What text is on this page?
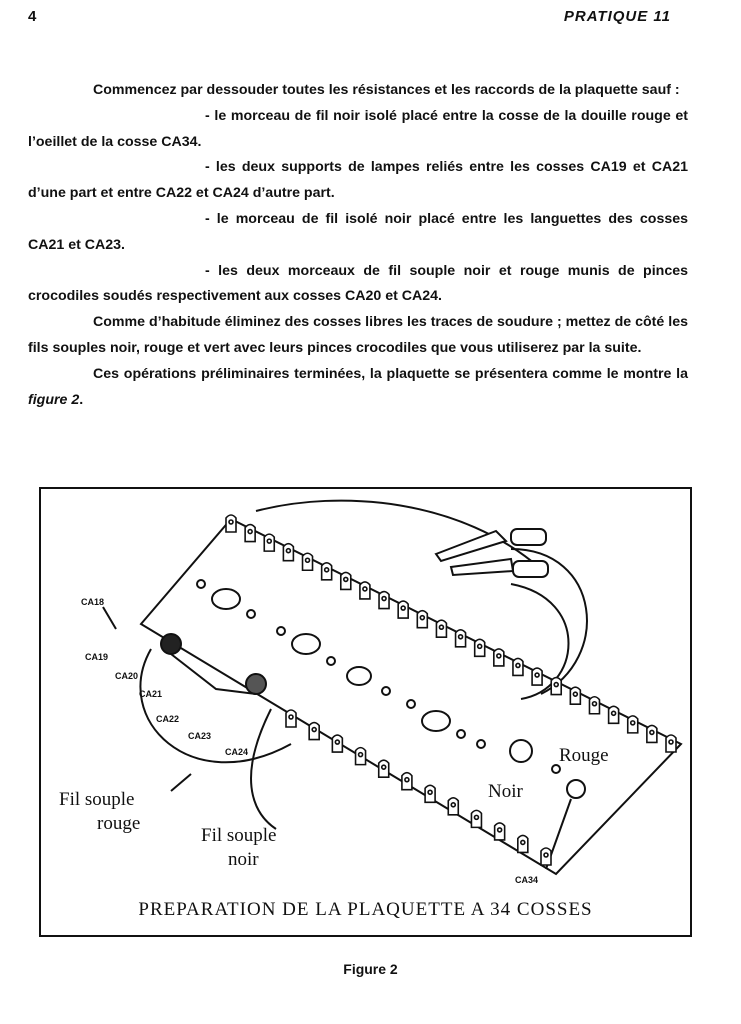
4	PRATIQUE 11

Commencez par dessouder toutes les résistances et les raccords de la plaquette sauf :

- le morceau de fil noir isolé placé entre la cosse de la douille rouge et l’oeillet de la cosse CA34.

- les deux supports de lampes reliés entre les cosses CA19 et CA21 d’une part et entre CA22 et CA24 d’autre part.

- le morceau de fil isolé noir placé entre les languettes des cosses CA21 et CA23.

- les deux morceaux de fil souple noir et rouge munis de pinces crocodiles soudés respectivement aux cosses CA20 et CA24.

Comme d’habitude éliminez des cosses libres les traces de soudure ; mettez de côté les fils souples noir, rouge et vert avec leurs pinces crocodiles que vous utiliserez par la suite.

Ces opérations préliminaires terminées, la plaquette se présentera comme le montre la figure 2.

CA18
CA19
CA20
CA21
CA22
CA23
CA24
CA34
Fil souple
rouge
Fil souple
noir
Noir
Rouge
PREPARATION DE LA PLAQUETTE A 34 COSSES
Figure 2
